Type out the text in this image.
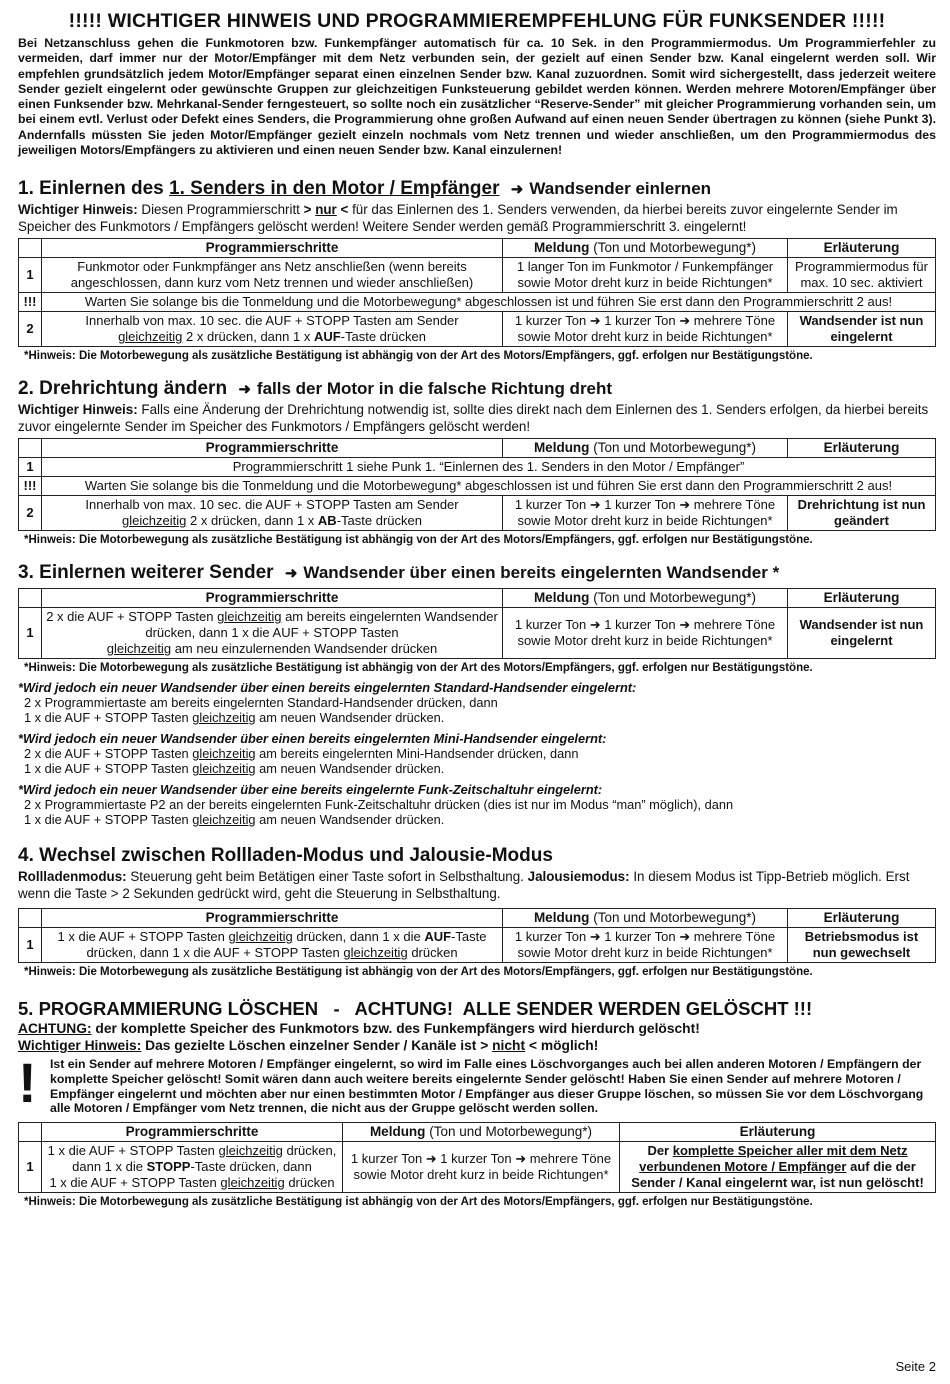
!!!!! WICHTIGER HINWEIS UND PROGRAMMIEREMPFEHLUNG FÜR FUNKSENDER !!!!!

Bei Netzanschluss gehen die Funkmotoren bzw. Funkempfänger automatisch für ca. 10 Sek. in den Programmiermodus. Um Programmierfehler zu vermeiden, darf immer nur der Motor/Empfänger mit dem Netz verbunden sein, der gezielt auf einen Sender bzw. Kanal eingelernt werden soll. Wir empfehlen grundsätzlich jedem Motor/Empfänger separat einen einzelnen Sender bzw. Kanal zuzuordnen. Somit wird sichergestellt, dass jederzeit weitere Sender gezielt eingelernt oder gewünschte Gruppen zur gleichzeitigen Funksteuerung gebildet werden können. Werden mehrere Motoren/Empfänger über einen Funksender bzw. Mehrkanal-Sender ferngesteuert, so sollte noch ein zusätzlicher “Reserve-Sender” mit gleicher Programmierung vorhanden sein, um bei einem evtl. Verlust oder Defekt eines Senders, die Programmierung ohne großen Aufwand auf einen neuen Sender übertragen zu können (siehe Punkt 3). Andernfalls müssten Sie jeden Motor/Empfänger gezielt einzeln nochmals vom Netz trennen und wieder anschließen, um den Programmiermodus des jeweiligen Motors/Empfängers zu aktivieren und einen neuen Sender bzw. Kanal einzulernen!

1. Einlernen des 1. Senders in den Motor / Empfänger ➜ Wandsender einlernen
Wichtiger Hinweis: Diesen Programmierschritt > nur < für das Einlernen des 1. Senders verwenden, da hierbei bereits zuvor eingelernte Sender im Speicher des Funkmotors / Empfängers gelöscht werden! Weitere Sender werden gemäß Programmierschritt 3. eingelernt!
	Programmierschritte	Meldung (Ton und Motorbewegung*)	Erläuterung
1	Funkmotor oder Funkmpfänger ans Netz anschließen (wenn bereits angeschlossen, dann kurz vom Netz trennen und wieder anschließen)	1 langer Ton im Funkmotor / Funkempfänger sowie Motor dreht kurz in beide Richtungen*	Programmiermodus für max. 10 sec. aktiviert
!!!	Warten Sie solange bis die Tonmeldung und die Motorbewegung* abgeschlossen ist und führen Sie erst dann den Programmierschritt 2 aus!		
2	Innerhalb von max. 10 sec. die AUF + STOPP Tasten am Sender
gleichzeitig 2 x drücken, dann 1 x AUF-Taste drücken	1 kurzer Ton ➜ 1 kurzer Ton ➜ mehrere Töne sowie Motor dreht kurz in beide Richtungen*	Wandsender ist nun eingelernt
*Hinweis: Die Motorbewegung als zusätzliche Bestätigung ist abhängig von der Art des Motors/Empfängers, ggf. erfolgen nur Bestätigungstöne.
2. Drehrichtung ändern ➜ falls der Motor in die falsche Richtung dreht
Wichtiger Hinweis: Falls eine Änderung der Drehrichtung notwendig ist, sollte dies direkt nach dem Einlernen des 1. Senders erfolgen, da hierbei bereits zuvor eingelernte Sender im Speicher des Funkmotors / Empfängers gelöscht werden!
	Programmierschritte	Meldung (Ton und Motorbewegung*)	Erläuterung
1	Programmierschritt 1 siehe Punk 1. “Einlernen des 1. Senders in den Motor / Empfänger”		
!!!	Warten Sie solange bis die Tonmeldung und die Motorbewegung* abgeschlossen ist und führen Sie erst dann den Programmierschritt 2 aus!		
2	Innerhalb von max. 10 sec. die AUF + STOPP Tasten am Sender
gleichzeitig 2 x drücken, dann 1 x AB-Taste drücken	1 kurzer Ton ➜ 1 kurzer Ton ➜ mehrere Töne sowie Motor dreht kurz in beide Richtungen*	Drehrichtung ist nun geändert
*Hinweis: Die Motorbewegung als zusätzliche Bestätigung ist abhängig von der Art des Motors/Empfängers, ggf. erfolgen nur Bestätigungstöne.
3. Einlernen weiterer Sender ➜ Wandsender über einen bereits eingelernten Wandsender *
	Programmierschritte	Meldung (Ton und Motorbewegung*)	Erläuterung
1	2 x die AUF + STOPP Tasten gleichzeitig am bereits eingelernten Wandsender drücken, dann 1 x die AUF + STOPP Tasten
gleichzeitig am neu einzulernenden Wandsender drücken	1 kurzer Ton ➜ 1 kurzer Ton ➜ mehrere Töne sowie Motor dreht kurz in beide Richtungen*	Wandsender ist nun eingelernt
*Hinweis: Die Motorbewegung als zusätzliche Bestätigung ist abhängig von der Art des Motors/Empfängers, ggf. erfolgen nur Bestätigungstöne.
*Wird jedoch ein neuer Wandsender über einen bereits eingelernten Standard-Handsender eingelernt:
2 x Programmiertaste am bereits eingelernten Standard-Handsender drücken, dann
1 x die AUF + STOPP Tasten gleichzeitig am neuen Wandsender drücken.
*Wird jedoch ein neuer Wandsender über einen bereits eingelernten Mini-Handsender eingelernt:
2 x die AUF + STOPP Tasten gleichzeitig am bereits eingelernten Mini-Handsender drücken, dann
1 x die AUF + STOPP Tasten gleichzeitig am neuen Wandsender drücken.
*Wird jedoch ein neuer Wandsender über eine bereits eingelernte Funk-Zeitschaltuhr eingelernt:
2 x Programmiertaste P2 an der bereits eingelernten Funk-Zeitschaltuhr drücken (dies ist nur im Modus “man” möglich), dann
1 x die AUF + STOPP Tasten gleichzeitig am neuen Wandsender drücken.
4. Wechsel zwischen Rollladen-Modus und Jalousie-Modus
Rollladenmodus: Steuerung geht beim Betätigen einer Taste sofort in Selbsthaltung. Jalousiemodus: In diesem Modus ist Tipp-Betrieb möglich. Erst wenn die Taste > 2 Sekunden gedrückt wird, geht die Steuerung in Selbsthaltung.
	Programmierschritte	Meldung (Ton und Motorbewegung*)	Erläuterung
1	1 x die AUF + STOPP Tasten gleichzeitig drücken, dann 1 x die AUF-Taste drücken, dann 1 x die AUF + STOPP Tasten gleichzeitig drücken	1 kurzer Ton ➜ 1 kurzer Ton ➜ mehrere Töne sowie Motor dreht kurz in beide Richtungen*	Betriebsmodus ist nun gewechselt
*Hinweis: Die Motorbewegung als zusätzliche Bestätigung ist abhängig von der Art des Motors/Empfängers, ggf. erfolgen nur Bestätigungstöne.
5. PROGRAMMIERUNG LÖSCHEN   -   ACHTUNG!  ALLE SENDER WERDEN GELÖSCHT !!!
ACHTUNG: der komplette Speicher des Funkmotors bzw. des Funkempfängers wird hierdurch gelöscht!
Wichtiger Hinweis: Das gezielte Löschen einzelner Sender / Kanäle ist > nicht < möglich!
!	Ist ein Sender auf mehrere Motoren / Empfänger eingelernt, so wird im Falle eines Löschvorganges auch bei allen anderen Motoren / Empfängern der komplette Speicher gelöscht! Somit wären dann auch weitere bereits eingelernte Sender gelöscht! Haben Sie einen Sender auf mehrere Motoren / Empfänger eingelernt und möchten aber nur einen bestimmten Motor / Empfänger aus dieser Gruppe löschen, so müssen Sie vor dem Löschvorgang alle Motoren / Empfänger vom Netz trennen, die nicht aus der Gruppe gelöscht werden sollen.

	Programmierschritte	Meldung (Ton und Motorbewegung*)	Erläuterung
1	1 x die AUF + STOPP Tasten gleichzeitig drücken,
dann 1 x die STOPP-Taste drücken, dann
1 x die AUF + STOPP Tasten gleichzeitig drücken	1 kurzer Ton ➜ 1 kurzer Ton ➜ mehrere Töne sowie Motor dreht kurz in beide Richtungen*	Der komplette Speicher aller mit dem Netz
verbundenen Motore / Empfänger auf die der Sender / Kanal eingelernt war, ist nun gelöscht!
*Hinweis: Die Motorbewegung als zusätzliche Bestätigung ist abhängig von der Art des Motors/Empfängers, ggf. erfolgen nur Bestätigungstöne.
Seite 2
